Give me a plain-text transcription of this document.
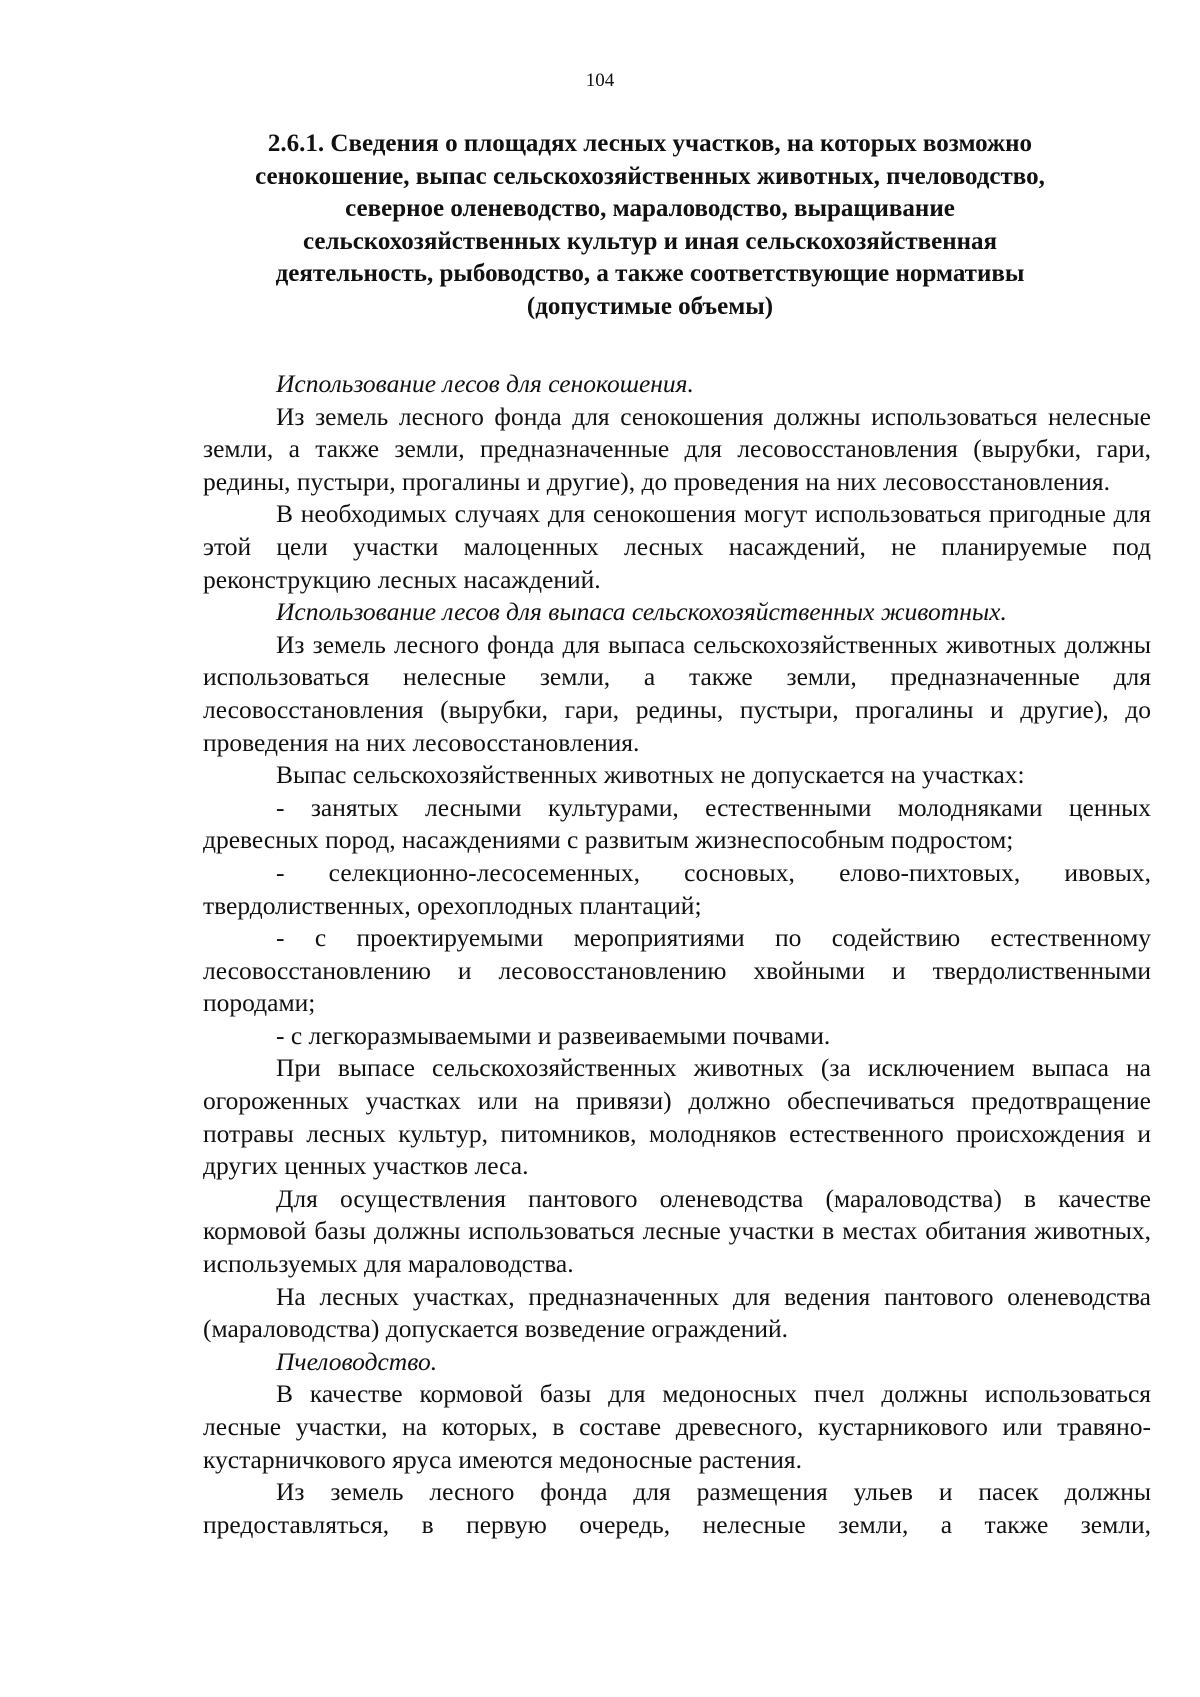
104
2.6.1. Сведения о площадях лесных участков, на которых возможно
сенокошение, выпас сельскохозяйственных животных, пчеловодство,
северное оленеводство, мараловодство, выращивание
сельскохозяйственных культур и иная сельскохозяйственная
деятельность, рыбоводство, а также соответствующие нормативы
(допустимые объемы)

Использование лесов для сенокошения.

Из земель лесного фонда для сенокошения должны использоваться нелесные земли, а также земли, предназначенные для лесовосстановления (вырубки, гари, редины, пустыри, прогалины и другие), до проведения на них лесовосстановления.

В необходимых случаях для сенокошения могут использоваться пригодные для этой цели участки малоценных лесных насаждений, не планируемые под реконструкцию лесных насаждений.

Использование лесов для выпаса сельскохозяйственных животных.

Из земель лесного фонда для выпаса сельскохозяйственных животных должны использоваться нелесные земли, а также земли, предназначенные для лесовосстановления (вырубки, гари, редины, пустыри, прогалины и другие), до проведения на них лесовосстановления.

Выпас сельскохозяйственных животных не допускается на участках:

- занятых лесными культурами, естественными молодняками ценных древесных пород, насаждениями с развитым жизнеспособным подростом;

- селекционно-лесосеменных, сосновых, елово-пихтовых, ивовых, твердолиственных, орехоплодных плантаций;

- с проектируемыми мероприятиями по содействию естественному лесовосстановлению и лесовосстановлению хвойными и твердолиственными породами;

- с легкоразмываемыми и развеиваемыми почвами.

При выпасе сельскохозяйственных животных (за исключением выпаса на огороженных участках или на привязи) должно обеспечиваться предотвращение потравы лесных культур, питомников, молодняков естественного происхождения и других ценных участков леса.

Для осуществления пантового оленеводства (мараловодства) в качестве кормовой базы должны использоваться лесные участки в местах обитания животных, используемых для мараловодства.

На лесных участках, предназначенных для ведения пантового оленеводства (мараловодства) допускается возведение ограждений.

Пчеловодство.

В качестве кормовой базы для медоносных пчел должны использоваться лесные участки, на которых, в составе древесного, кустарникового или травяно-кустарничкового яруса имеются медоносные растения.

Из земель лесного фонда для размещения ульев и пасек должны предоставляться, в первую очередь, нелесные земли, а также земли,
